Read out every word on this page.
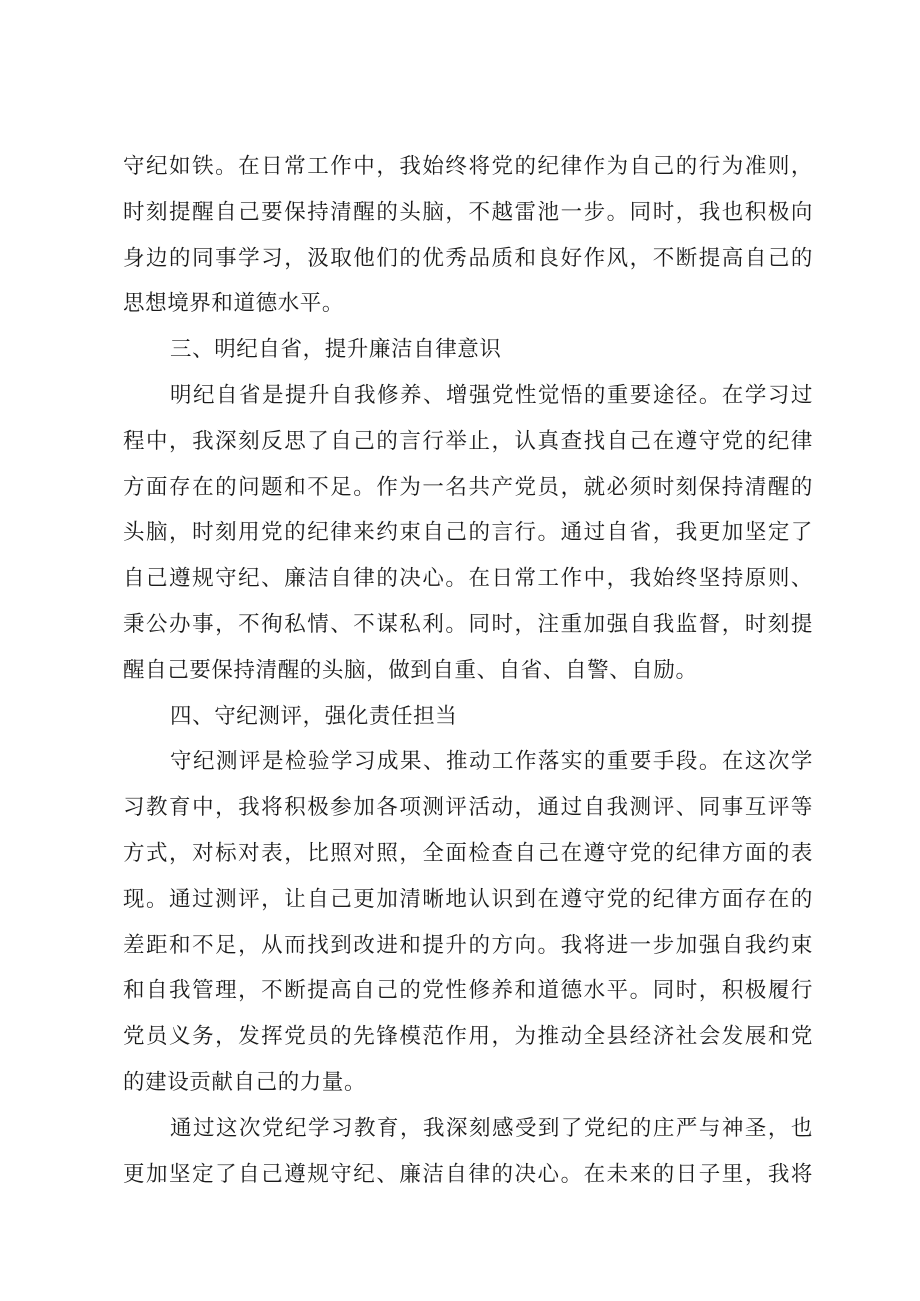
守纪如铁。在日常工作中，我始终将党的纪律作为自己的行为准则，
时刻提醒自己要保持清醒的头脑，不越雷池一步。同时，我也积极向
身边的同事学习，汲取他们的优秀品质和良好作风，不断提高自己的
思想境界和道德水平。
三、明纪自省，提升廉洁自律意识
明纪自省是提升自我修养、增强党性觉悟的重要途径。在学习过
程中，我深刻反思了自己的言行举止，认真查找自己在遵守党的纪律
方面存在的问题和不足。作为一名共产党员，就必须时刻保持清醒的
头脑，时刻用党的纪律来约束自己的言行。通过自省，我更加坚定了
自己遵规守纪、廉洁自律的决心。在日常工作中，我始终坚持原则、
秉公办事，不徇私情、不谋私利。同时，注重加强自我监督，时刻提
醒自己要保持清醒的头脑，做到自重、自省、自警、自励。
四、守纪测评，强化责任担当
守纪测评是检验学习成果、推动工作落实的重要手段。在这次学
习教育中，我将积极参加各项测评活动，通过自我测评、同事互评等
方式，对标对表，比照对照，全面检查自己在遵守党的纪律方面的表
现。通过测评，让自己更加清晰地认识到在遵守党的纪律方面存在的
差距和不足，从而找到改进和提升的方向。我将进一步加强自我约束
和自我管理，不断提高自己的党性修养和道德水平。同时，积极履行
党员义务，发挥党员的先锋模范作用，为推动全县经济社会发展和党
的建设贡献自己的力量。
通过这次党纪学习教育，我深刻感受到了党纪的庄严与神圣，也
更加坚定了自己遵规守纪、廉洁自律的决心。在未来的日子里，我将
